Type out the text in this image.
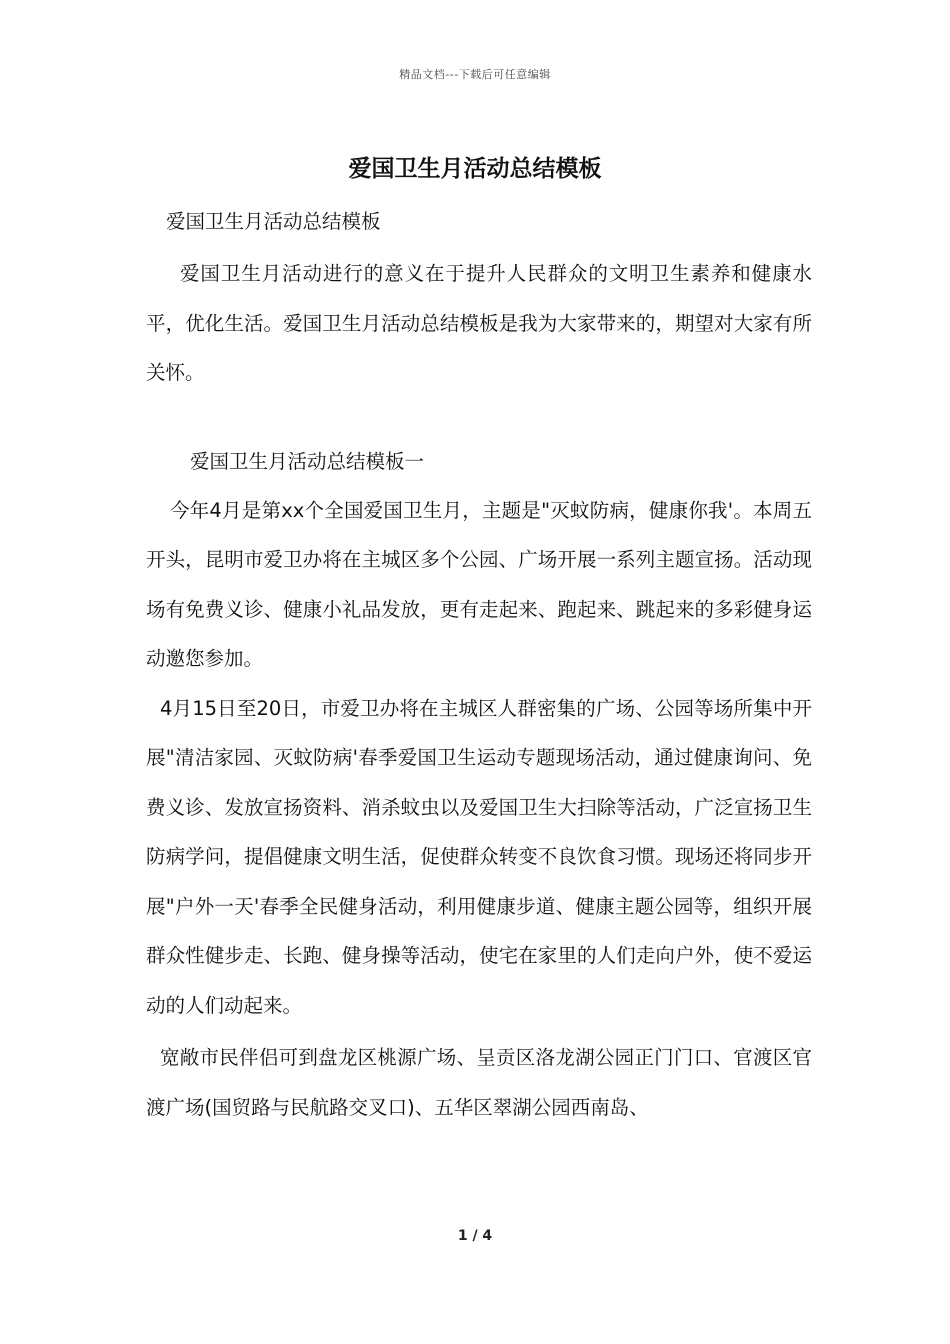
精品文档---下载后可任意编辑
爱国卫生月活动总结模板

爱国卫生月活动总结模板

爱国卫生月活动进行的意义在于提升人民群众的文明卫生素养和健康水平，优化生活。爱国卫生月活动总结模板是我为大家带来的，期望对大家有所关怀。

爱国卫生月活动总结模板一

今年4月是第xx个全国爱国卫生月，主题是"灭蚊防病，健康你我'。本周五开头，昆明市爱卫办将在主城区多个公园、广场开展一系列主题宣扬。活动现场有免费义诊、健康小礼品发放，更有走起来、跑起来、跳起来的多彩健身运动邀您参加。

4月15日至20日，市爱卫办将在主城区人群密集的广场、公园等场所集中开展"清洁家园、灭蚊防病'春季爱国卫生运动专题现场活动，通过健康询问、免费义诊、发放宣扬资料、消杀蚊虫以及爱国卫生大扫除等活动，广泛宣扬卫生防病学问，提倡健康文明生活，促使群众转变不良饮食习惯。现场还将同步开展"户外一天'春季全民健身活动，利用健康步道、健康主题公园等，组织开展群众性健步走、长跑、健身操等活动，使宅在家里的人们走向户外，使不爱运动的人们动起来。

宽敞市民伴侣可到盘龙区桃源广场、呈贡区洛龙湖公园正门门口、官渡区官渡广场(国贸路与民航路交叉口)、五华区翠湖公园西南岛、

1 / 4
